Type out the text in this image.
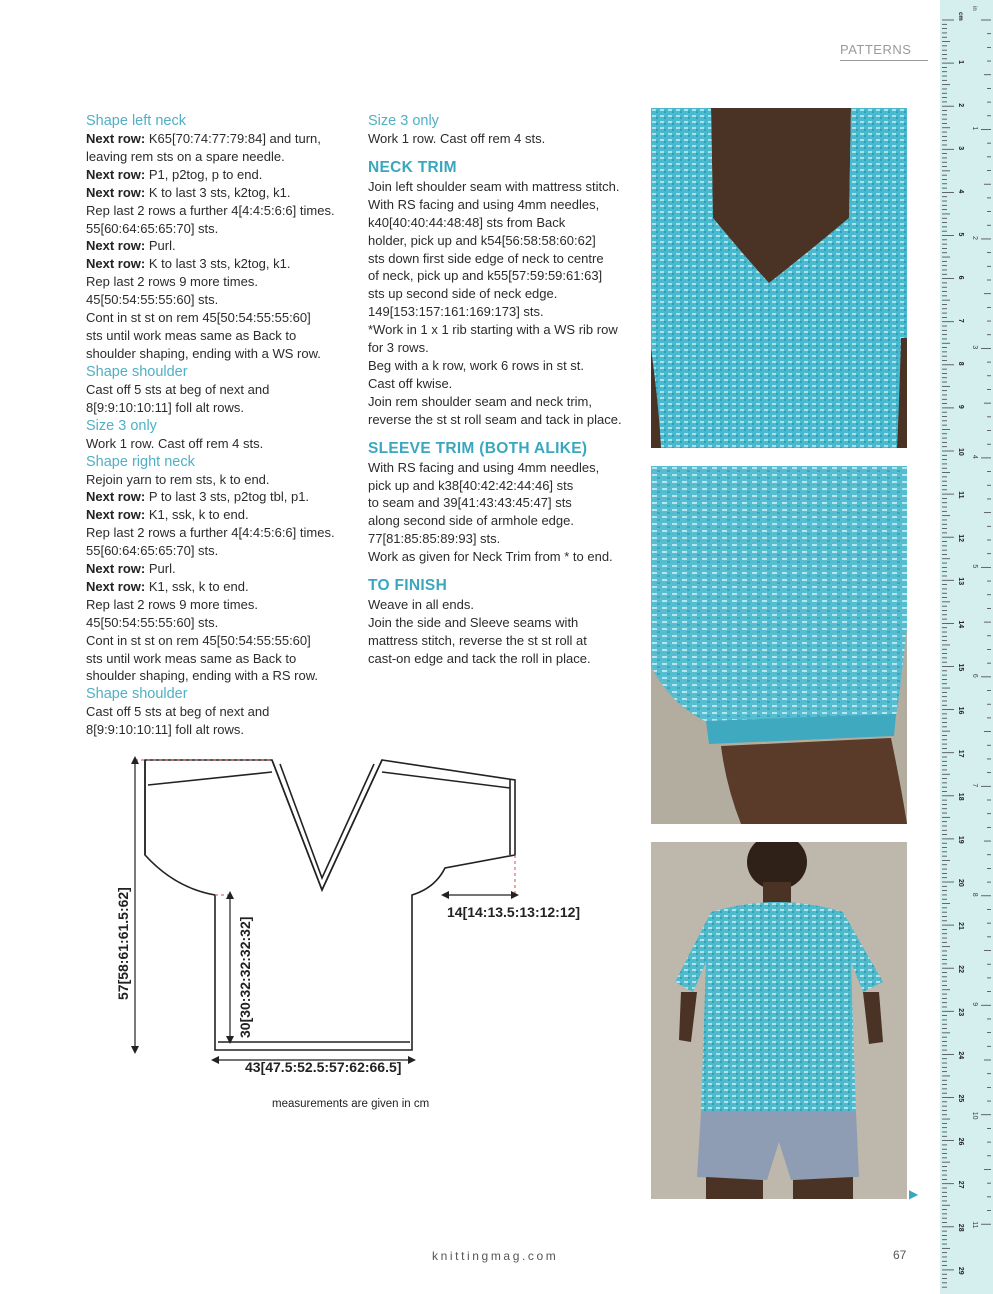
PATTERNS
Shape left neck
Next row: K65[70:74:77:79:84] and turn,
leaving rem sts on a spare needle.
Next row: P1, p2tog, p to end.
Next row: K to last 3 sts, k2tog, k1.
Rep last 2 rows a further 4[4:4:5:6:6] times.
55[60:64:65:65:70] sts.
Next row: Purl.
Next row: K to last 3 sts, k2tog, k1.
Rep last 2 rows 9 more times.
45[50:54:55:55:60] sts.
Cont in st st on rem 45[50:54:55:55:60]
sts until work meas same as Back to
shoulder shaping, ending with a WS row.
Shape shoulder
Cast off 5 sts at beg of next and
8[9:9:10:10:11] foll alt rows.
Size 3 only
Work 1 row. Cast off rem 4 sts.
Shape right neck
Rejoin yarn to rem sts, k to end.
Next row: P to last 3 sts, p2tog tbl, p1.
Next row: K1, ssk, k to end.
Rep last 2 rows a further 4[4:4:5:6:6] times.
55[60:64:65:65:70] sts.
Next row: Purl.
Next row: K1, ssk, k to end.
Rep last 2 rows 9 more times.
45[50:54:55:55:60] sts.
Cont in st st on rem 45[50:54:55:55:60]
sts until work meas same as Back to
shoulder shaping, ending with a RS row.
Shape shoulder
Cast off 5 sts at beg of next and
8[9:9:10:10:11] foll alt rows.
Size 3 only
Work 1 row. Cast off rem 4 sts.
NECK TRIM
Join left shoulder seam with mattress stitch.
With RS facing and using 4mm needles,
k40[40:40:44:48:48] sts from Back
holder, pick up and k54[56:58:58:60:62]
sts down first side edge of neck to centre
of neck, pick up and k55[57:59:59:61:63]
sts up second side of neck edge.
149[153:157:161:169:173] sts.
*Work in 1 x 1 rib starting with a WS rib row
for 3 rows.
Beg with a k row, work 6 rows in st st.
Cast off kwise.
Join rem shoulder seam and neck trim,
reverse the st st roll seam and tack in place.
SLEEVE TRIM (BOTH ALIKE)
With RS facing and using 4mm needles,
pick up and k38[40:42:42:44:46] sts
to seam and 39[41:43:43:45:47] sts
along second side of armhole edge.
77[81:85:85:89:93] sts.
Work as given for Neck Trim from * to end.
TO FINISH
Weave in all ends.
Join the side and Sleeve seams with
mattress stitch, reverse the st st roll at
cast-on edge and tack the roll in place.
57[58:61:61.5:62]	30[30:32:32:32:32]
14[14:13.5:13:12:12]
43[47.5:52.5:57:62:66.5]
measurements are given in cm
▶
knittingmag.com	67
cm
in
1
2
3
4
5
6
7
8
9
10
11
12
13
14
15
16
17
18
19
20
21
22
23
24
25
26
27
28
29
1
2
3
4
5
6
7
8
9
10
11
